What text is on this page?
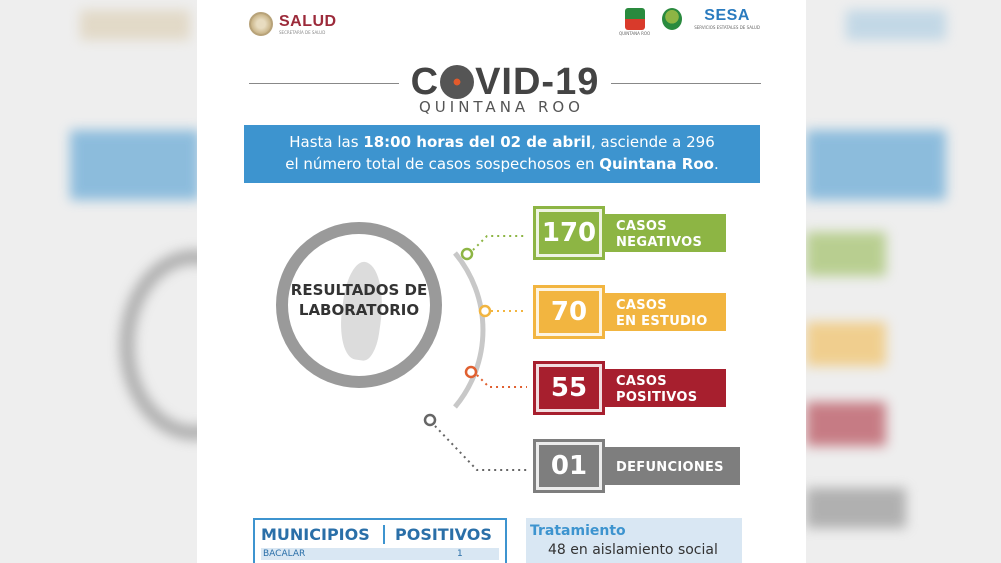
SALUD
SECRETARÍA DE SALUD	QUINTANA ROO
SESA
SERVICIOS ESTATALES DE SALUD
C VID-19
QUINTANA ROO
Hasta las 18:00 horas del 02 de abril, asciende a 296
el número total de casos sospechosos en Quintana Roo.
RESULTADOS DE
LABORATORIO
170	CASOS
NEGATIVOS
70	CASOS
EN ESTUDIO
55	CASOS
POSITIVOS
01	DEFUNCIONES
MUNICIPIOS	POSITIVOS
BACALAR	1
Tratamiento
48 en aislamiento social
